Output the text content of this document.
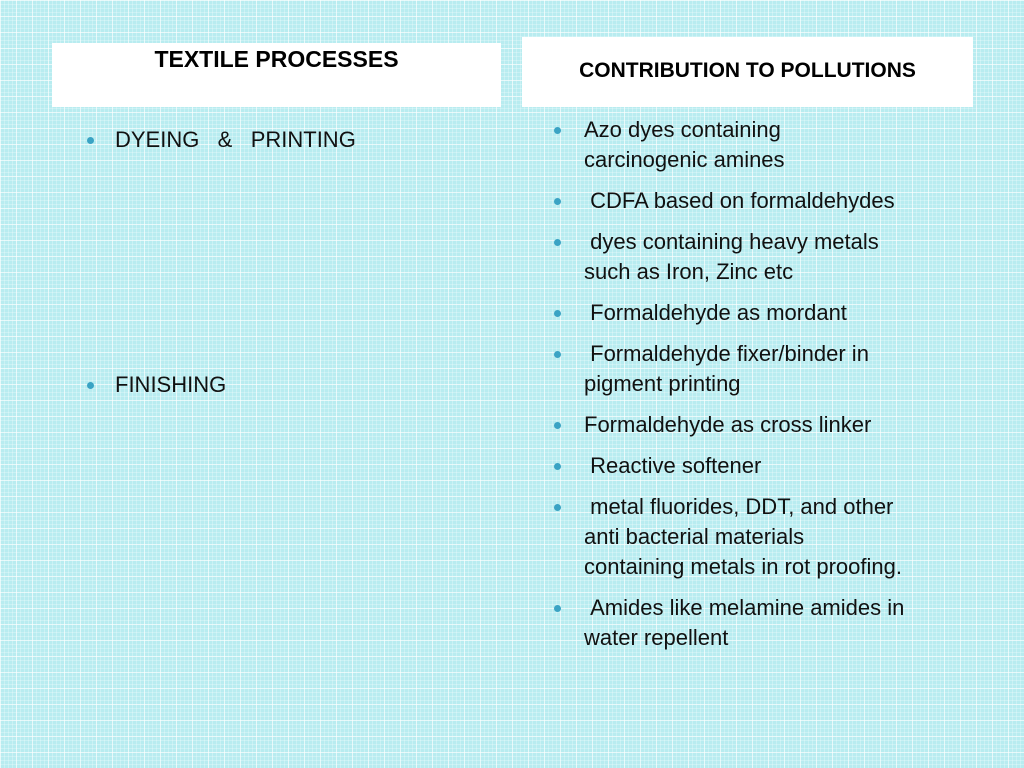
TEXTILE PROCESSES	CONTRIBUTION TO POLLUTIONS
DYEING   &   PRINTING
FINISHING
Azo dyes containing
carcinogenic amines
CDFA based on formaldehydes
dyes containing heavy metals
such as Iron, Zinc etc
Formaldehyde as mordant
Formaldehyde fixer/binder in
pigment printing
Formaldehyde as cross linker
Reactive softener
metal fluorides, DDT, and other
anti bacterial materials
containing metals in rot proofing.
Amides like melamine amides in
water repellent
